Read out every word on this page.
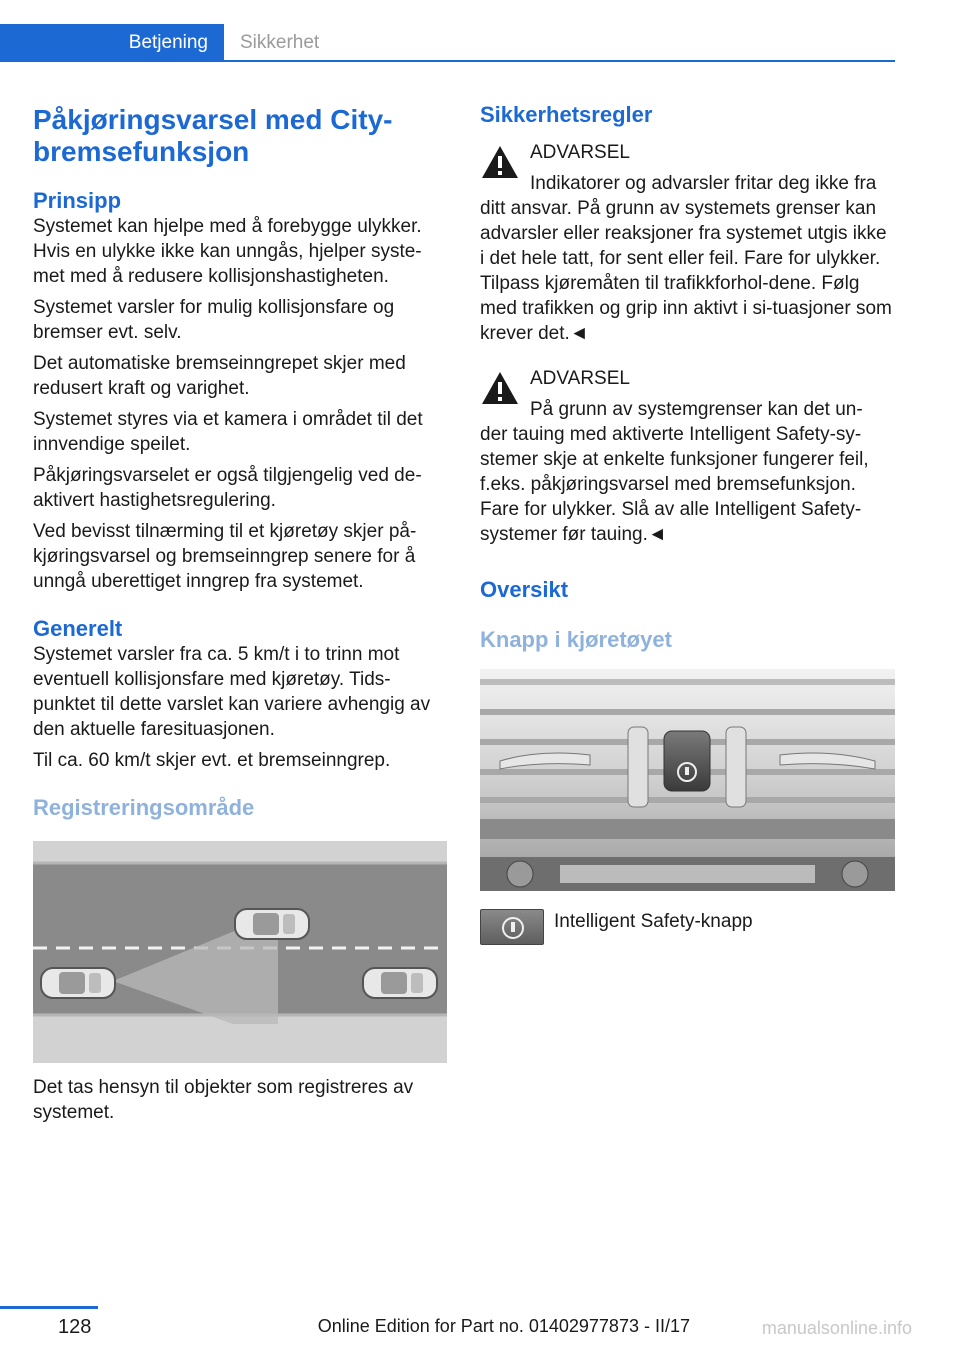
Betjening Sikkerhet
Påkjøringsvarsel med City-bremsefunksjon
Prinsipp

Systemet kan hjelpe med å forebygge ulykker. Hvis en ulykke ikke kan unngås, hjelper syste-met med å redusere kollisjonshastigheten.

Systemet varsler for mulig kollisjonsfare og bremser evt. selv.

Det automatiske bremseinngrepet skjer med redusert kraft og varighet.

Systemet styres via et kamera i området til det innvendige speilet.

Påkjøringsvarselet er også tilgjengelig ved de-aktivert hastighetsregulering.

Ved bevisst tilnærming til et kjøretøy skjer på-kjøringsvarsel og bremseinngrep senere for å unngå uberettiget inngrep fra systemet.

Generelt

Systemet varsler fra ca. 5 km/t i to trinn mot eventuell kollisjonsfare med kjøretøy. Tids-punktet til dette varslet kan variere avhengig av den aktuelle faresituasjonen.

Til ca. 60 km/t skjer evt. et bremseinngrep.

Registreringsområde

Det tas hensyn til objekter som registreres av systemet.

Sikkerhetsregler
ADVARSEL
Indikatorer og advarsler fritar deg ikke fra
ditt ansvar. På grunn av systemets grenser kan advarsler eller reaksjoner fra systemet utgis ikke i det hele tatt, for sent eller feil. Fare for ulykker. Tilpass kjøremåten til trafikkforhol-dene. Følg med trafikken og grip inn aktivt i si-tuasjoner som krever det.◄
ADVARSEL
På grunn av systemgrenser kan det un-
der tauing med aktiverte Intelligent Safety-sy-stemer skje at enkelte funksjoner fungerer feil, f.eks. påkjøringsvarsel med bremsefunksjon. Fare for ulykker. Slå av alle Intelligent Safety-systemer før tauing.◄
Oversikt
Knapp i kjøretøyet
Intelligent Safety-knapp
128	Online Edition for Part no. 01402977873 - II/17	manualsonline.info
